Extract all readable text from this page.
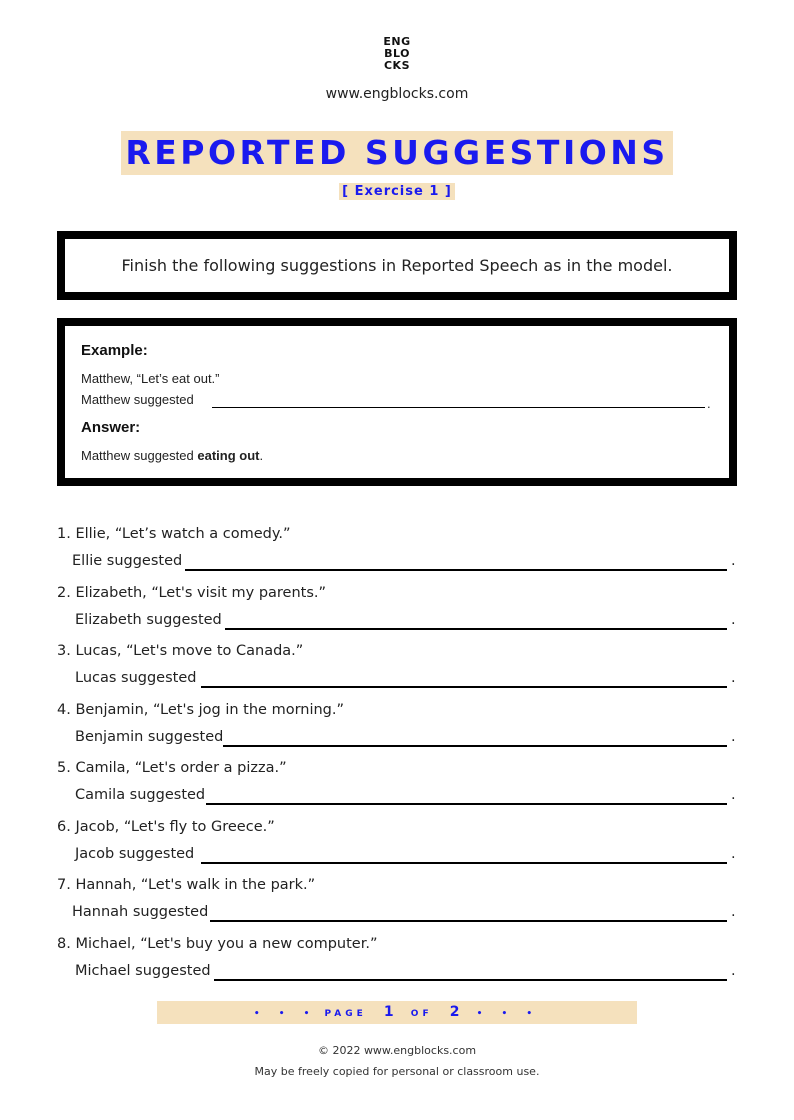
ENG
BLO
CKS
www.engblocks.com
REPORTED SUGGESTIONS
[ Exercise 1 ]
Finish the following suggestions in Reported Speech as in the model.
Example:
Matthew, “Let’s eat out.”
Matthew suggested	.
Answer:
Matthew suggested eating out.
1. Ellie, “Let’s watch a comedy.”
Ellie suggested	.
2. Elizabeth, “Let's visit my parents.”
Elizabeth suggested	.
3. Lucas, “Let's move to Canada.”
Lucas suggested	.
4. Benjamin, “Let's jog in the morning.”
Benjamin suggested	.
5. Camila, “Let's order a pizza.”
Camila suggested	.
6. Jacob, “Let's fly to Greece.”
Jacob suggested	.
7. Hannah, “Let's walk in the park.”
Hannah suggested	.
8. Michael, “Let's buy you a new computer.”
Michael suggested	.
• • • PAGE 1 OF 2 • • •
© 2022 www.engblocks.com
May be freely copied for personal or classroom use.
